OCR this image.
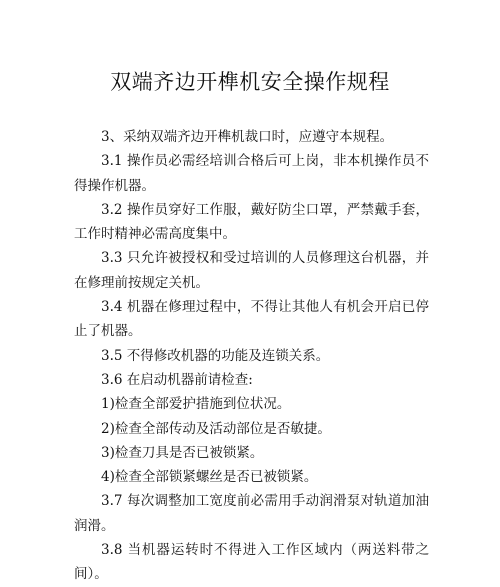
双端齐边开榫机安全操作规程

3、采纳双端齐边开榫机裁口时，应遵守本规程。

3.1 操作员必需经培训合格后可上岗，非本机操作员不得操作机器。

3.2 操作员穿好工作服，戴好防尘口罩，严禁戴手套，工作时精神必需高度集中。

3.3 只允许被授权和受过培训的人员修理这台机器，并在修理前按规定关机。

3.4 机器在修理过程中，不得让其他人有机会开启已停止了机器。

3.5 不得修改机器的功能及连锁关系。

3.6 在启动机器前请检查:

1)检查全部爱护措施到位状况。

2)检查全部传动及活动部位是否敏捷。

3)检查刀具是否已被锁紧。

4)检查全部锁紧螺丝是否已被锁紧。

3.7 每次调整加工宽度前必需用手动润滑泵对轨道加油润滑。

3.8 当机器运转时不得进入工作区域内（两送料带之间）。
